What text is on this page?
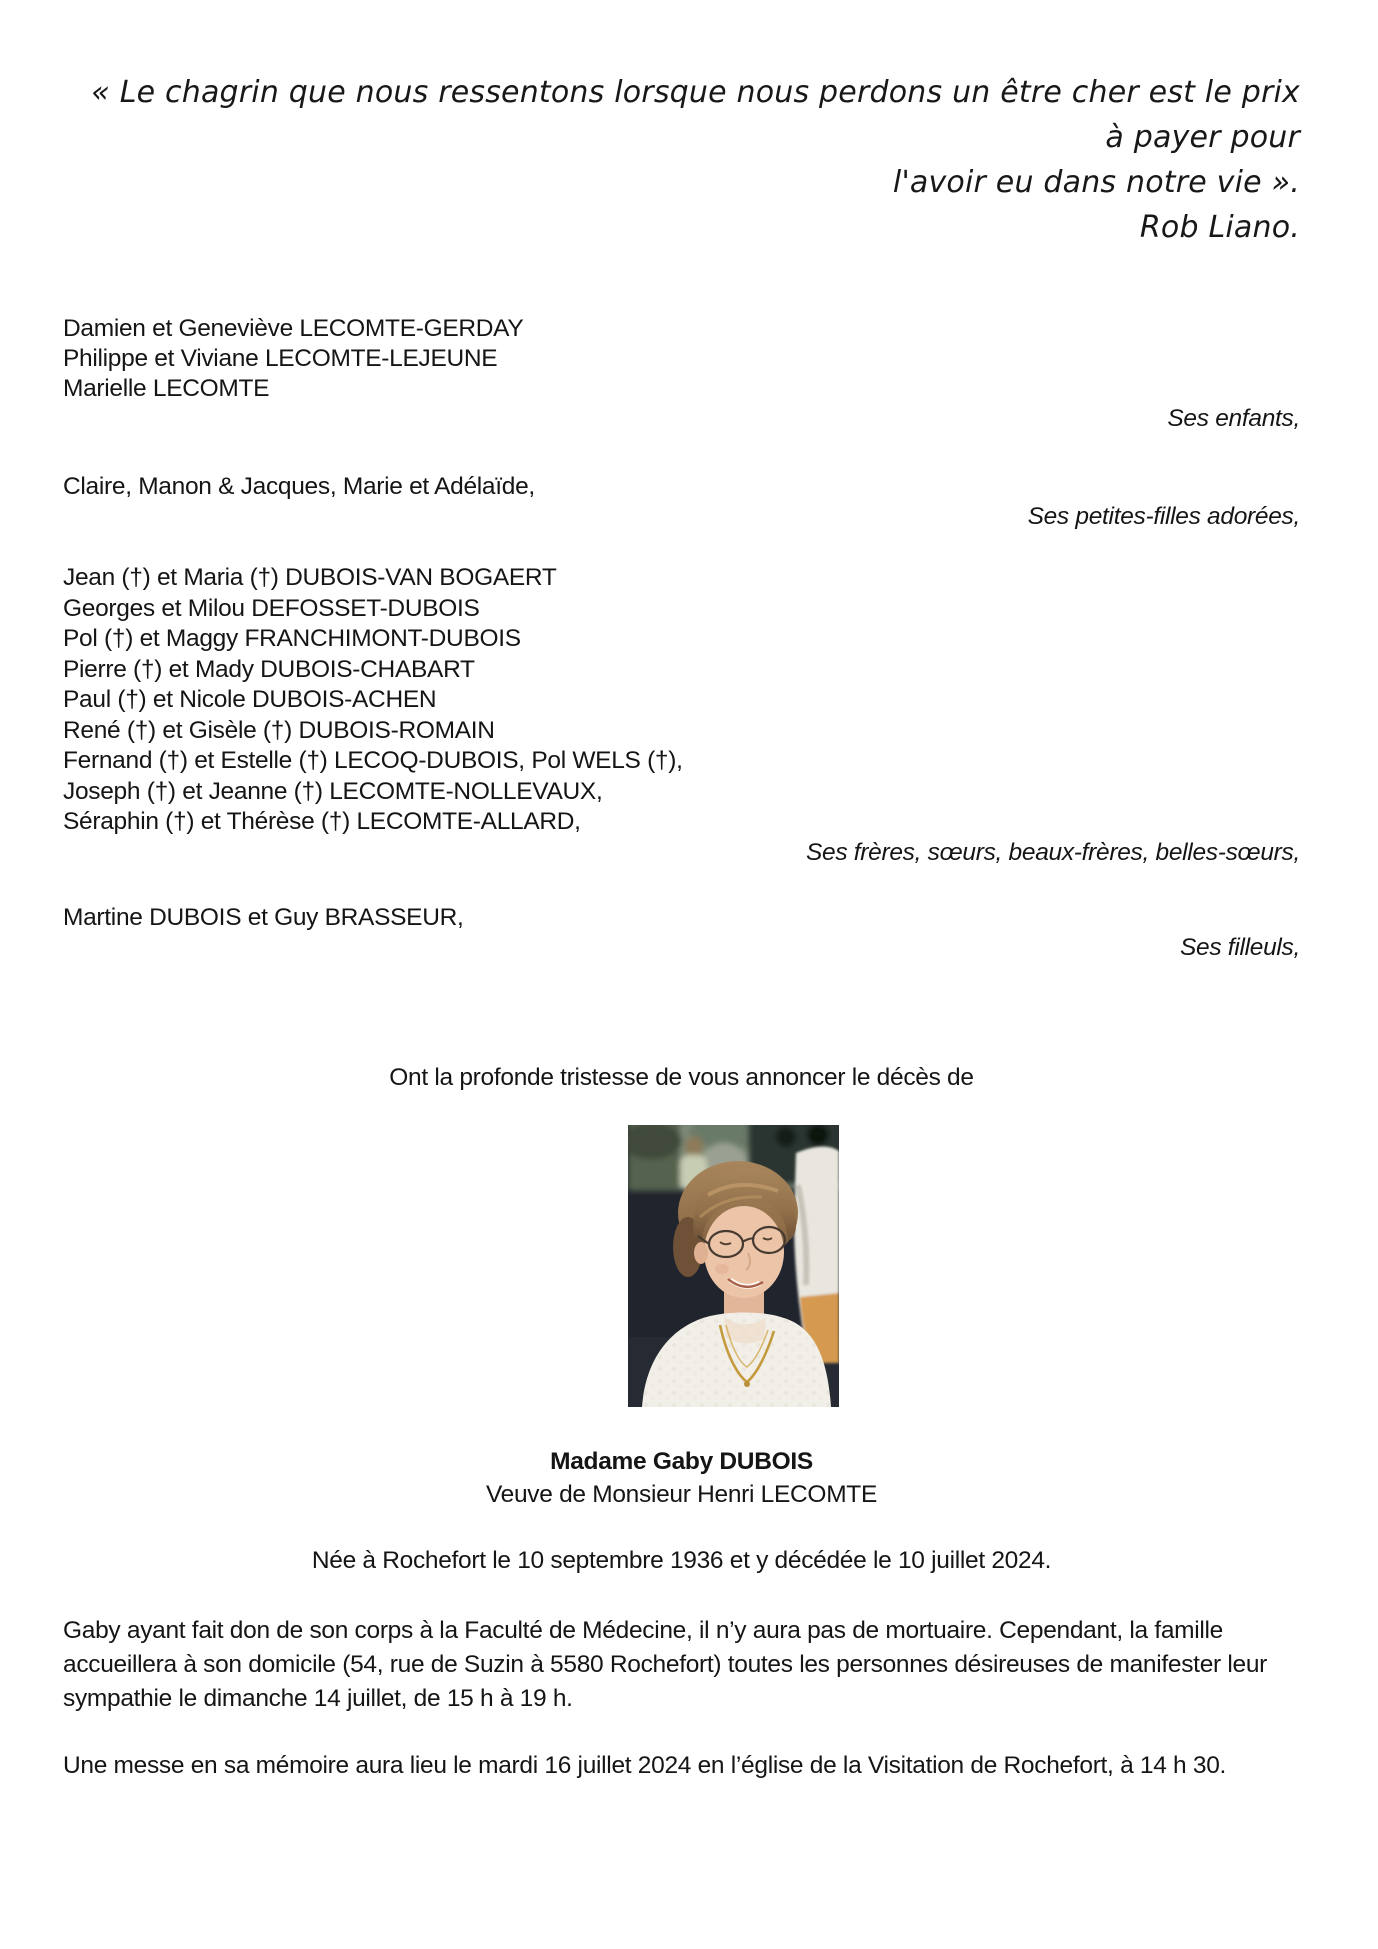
« Le chagrin que nous ressentons lorsque nous perdons un être cher est le prix à payer pour
l'avoir eu dans notre vie ».
Rob Liano.
Damien et Geneviève LECOMTE-GERDAY
Philippe et Viviane LECOMTE-LEJEUNE
Marielle LECOMTE
Ses enfants,
Claire, Manon & Jacques, Marie et Adélaïde,
Ses petites-filles adorées,
Jean (†) et Maria (†) DUBOIS-VAN BOGAERT
Georges et Milou DEFOSSET-DUBOIS
Pol (†) et Maggy FRANCHIMONT-DUBOIS
Pierre (†) et Mady DUBOIS-CHABART
Paul (†) et Nicole DUBOIS-ACHEN
René (†) et Gisèle (†) DUBOIS-ROMAIN
Fernand (†) et Estelle (†) LECOQ-DUBOIS, Pol WELS (†),
Joseph (†) et Jeanne (†) LECOMTE-NOLLEVAUX,
Séraphin (†) et Thérèse (†) LECOMTE-ALLARD,
Ses frères, sœurs, beaux-frères, belles-sœurs,
Martine DUBOIS et Guy BRASSEUR,
Ses filleuls,
Ont la profonde tristesse de vous annoncer le décès de
Madame Gaby DUBOIS
Veuve de Monsieur Henri LECOMTE
Née à Rochefort le 10 septembre 1936 et y décédée le 10 juillet 2024.
Gaby ayant fait don de son corps à la Faculté de Médecine, il n’y aura pas de mortuaire. Cependant, la famille accueillera à son domicile (54, rue de Suzin à 5580 Rochefort) toutes les personnes désireuses de manifester leur sympathie le dimanche 14 juillet, de 15 h à 19 h.
Une messe en sa mémoire aura lieu le mardi 16 juillet 2024 en l’église de la Visitation de Rochefort, à 14 h 30.
